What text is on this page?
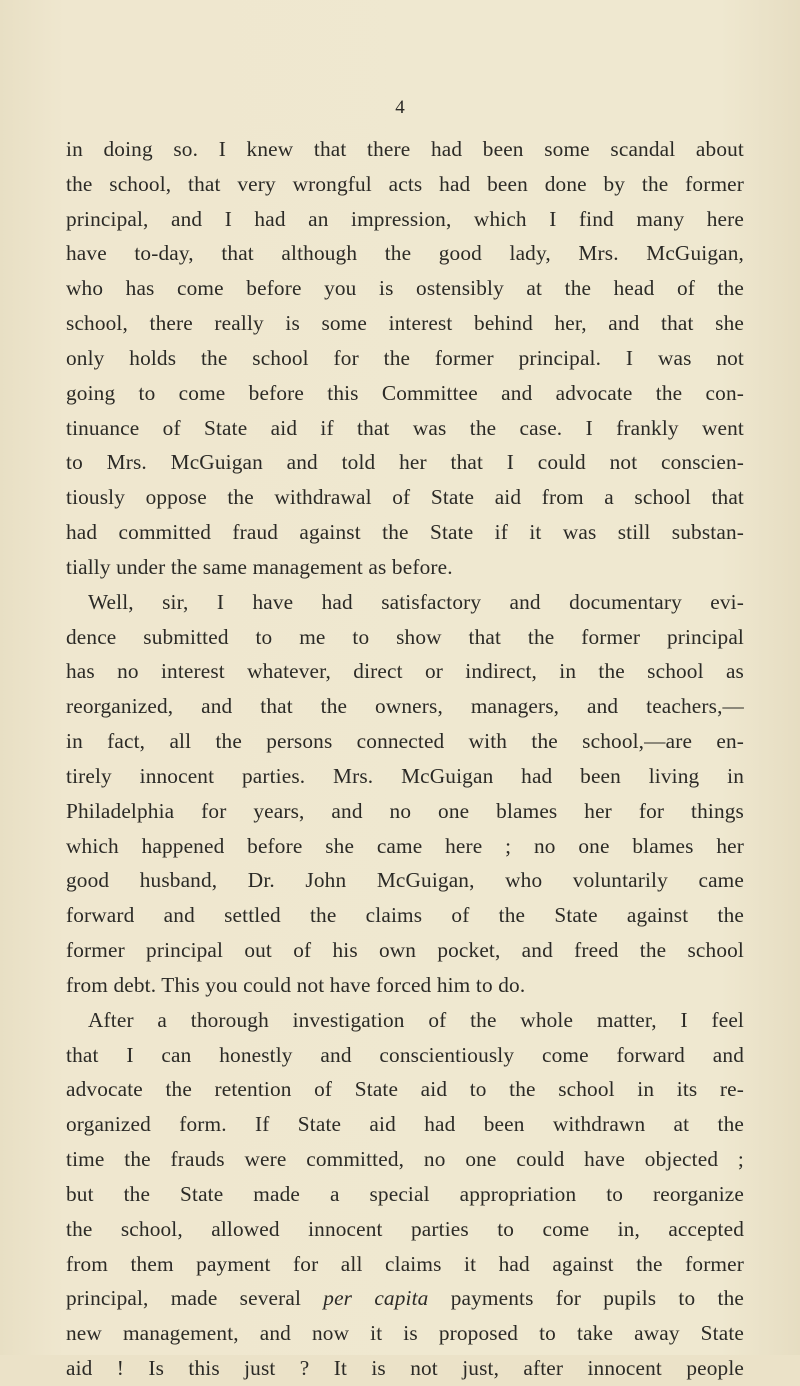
4
in doing so. I knew that there had been some scandal about
the school, that very wrongful acts had been done by the former
principal, and I had an impression, which I find many here
have to-day, that although the good lady, Mrs. McGuigan,
who has come before you is ostensibly at the head of the
school, there really is some interest behind her, and that she
only holds the school for the former principal. I was not
going to come before this Committee and advocate the con-
tinuance of State aid if that was the case. I frankly went
to Mrs. McGuigan and told her that I could not conscien-
tiously oppose the withdrawal of State aid from a school that
had committed fraud against the State if it was still substan-
tially under the same management as before.
Well, sir, I have had satisfactory and documentary evi-
dence submitted to me to show that the former principal
has no interest whatever, direct or indirect, in the school as
reorganized, and that the owners, managers, and teachers,—
in fact, all the persons connected with the school,—are en-
tirely innocent parties. Mrs. McGuigan had been living in
Philadelphia for years, and no one blames her for things
which happened before she came here ; no one blames her
good husband, Dr. John McGuigan, who voluntarily came
forward and settled the claims of the State against the
former principal out of his own pocket, and freed the school
from debt. This you could not have forced him to do.
After a thorough investigation of the whole matter, I feel
that I can honestly and conscientiously come forward and
advocate the retention of State aid to the school in its re-
organized form. If State aid had been withdrawn at the
time the frauds were committed, no one could have objected ;
but the State made a special appropriation to reorganize
the school, allowed innocent parties to come in, accepted
from them payment for all claims it had against the former
principal, made several per capita payments for pupils to the
new management, and now it is proposed to take away State
aid ! Is this just ? It is not just, after innocent people
